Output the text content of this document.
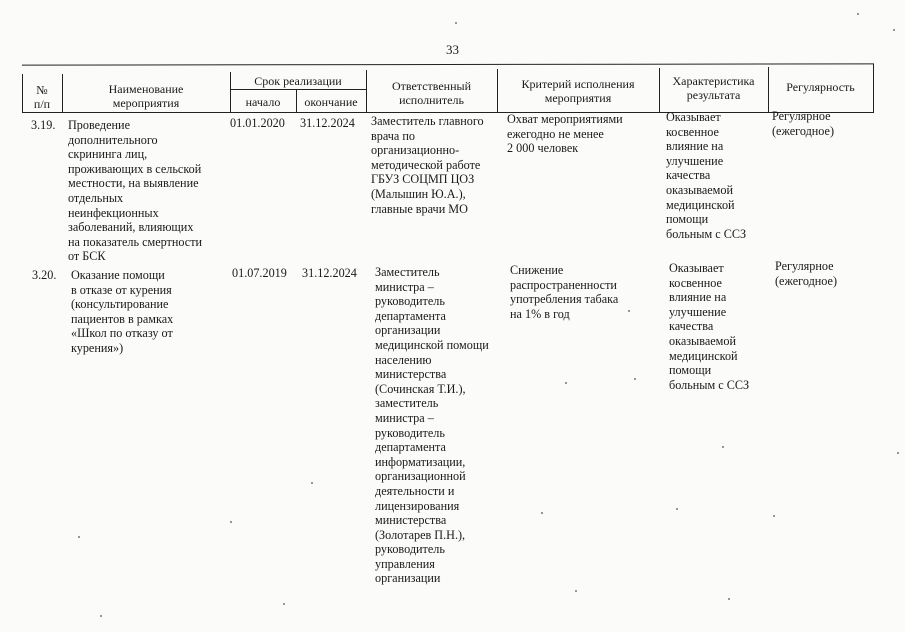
33
№
п/п
Наименование
мероприятия
Срок реализации
начало	окончание
Ответственный
исполнитель
Критерий исполнения
мероприятия
Характеристика
результата
Регулярность
3.19. Проведение
дополнительного
скрининга лиц,
проживающих в сельской
местности, на выявление
отдельных
неинфекционных
заболеваний, влияющих
на показатель смертности
от БСК
01.01.2020 31.12.2024 Заместитель главного
врача по
организационно-
методической работе
ГБУЗ СОЦМП ЦОЗ
(Малышин Ю.А.),
главные врачи МО
Охват мероприятиями
ежегодно не менее
2 000 человек
Оказывает
косвенное
влияние на
улучшение
качества
оказываемой
медицинской
помощи
больным с ССЗ
Регулярное
(ежегодное)
3.20. Оказание помощи
в отказе от курения
(консультирование
пациентов в рамках
«Школ по отказу от
курения»)
01.07.2019 31.12.2024 Заместитель
министра –
руководитель
департамента
организации
медицинской помощи
населению
министерства
(Сочинская Т.И.),
заместитель
министра –
руководитель
департамента
информатизации,
организационной
деятельности и
лицензирования
министерства
(Золотарев П.Н.),
руководитель
управления
организации
Снижение
распространенности
употребления табака
на 1% в год
Оказывает
косвенное
влияние на
улучшение
качества
оказываемой
медицинской
помощи
больным с ССЗ
Регулярное
(ежегодное)
